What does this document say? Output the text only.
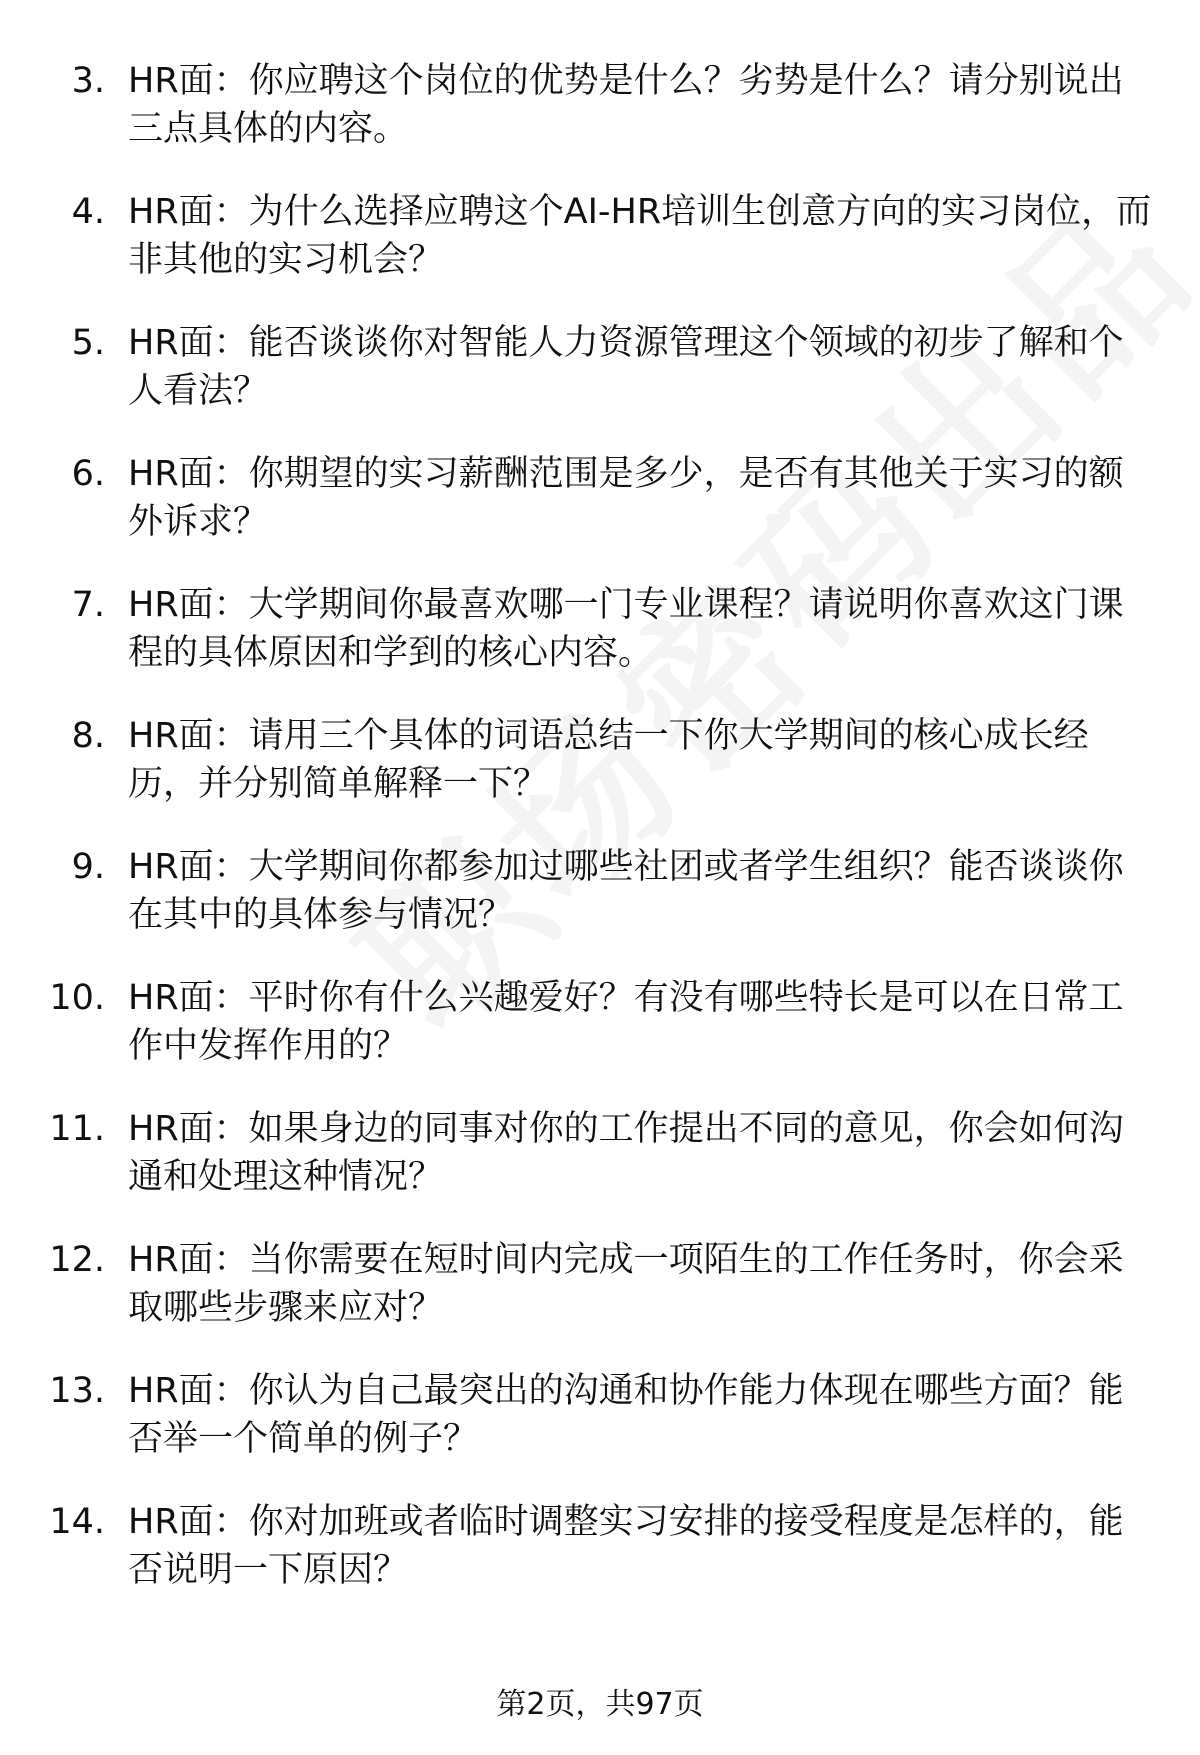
3. HR面：你应聘这个岗位的优势是什么？劣势是什么？请分别说出三点具体的内容。
4. HR面：为什么选择应聘这个AI-HR培训生创意方向的实习岗位，而非其他的实习机会？
5. HR面：能否谈谈你对智能人力资源管理这个领域的初步了解和个人看法？
6. HR面：你期望的实习薪酬范围是多少，是否有其他关于实习的额外诉求？
7. HR面：大学期间你最喜欢哪一门专业课程？请说明你喜欢这门课程的具体原因和学到的核心内容。
8. HR面：请用三个具体的词语总结一下你大学期间的核心成长经历，并分别简单解释一下？
9. HR面：大学期间你都参加过哪些社团或者学生组织？能否谈谈你在其中的具体参与情况？
10. HR面：平时你有什么兴趣爱好？有没有哪些特长是可以在日常工作中发挥作用的？
11. HR面：如果身边的同事对你的工作提出不同的意见，你会如何沟通和处理这种情况？
12. HR面：当你需要在短时间内完成一项陌生的工作任务时，你会采取哪些步骤来应对？
13. HR面：你认为自己最突出的沟通和协作能力体现在哪些方面？能否举一个简单的例子？
14. HR面：你对加班或者临时调整实习安排的接受程度是怎样的，能否说明一下原因？
第2页，共97页
